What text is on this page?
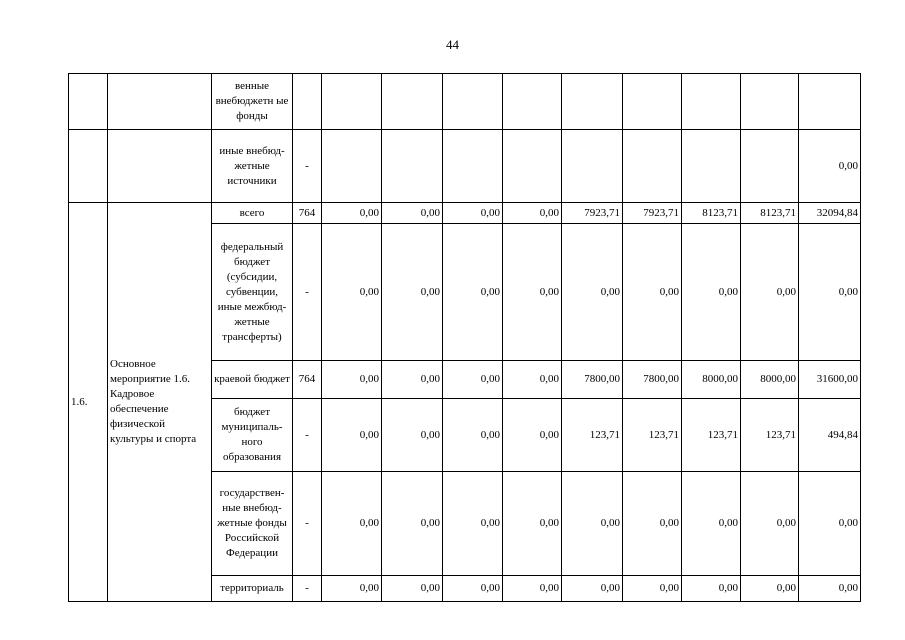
44
		венные внебюджетн ые фонды										
		иные внебюд-жетные источники	-									0,00
1.6.	Основное мероприятие 1.6. Кадровое обеспечение физической культуры и спорта	всего	764	0,00	0,00	0,00	0,00	7923,71	7923,71	8123,71	8123,71	32094,84
		федеральный бюджет (субсидии, субвенции, иные межбюд-жетные трансферты)	-	0,00	0,00	0,00	0,00	0,00	0,00	0,00	0,00	0,00
		краевой бюджет	764	0,00	0,00	0,00	0,00	7800,00	7800,00	8000,00	8000,00	31600,00
		бюджет муниципаль-ного образования	-	0,00	0,00	0,00	0,00	123,71	123,71	123,71	123,71	494,84
		государствен-ные внебюд-жетные фонды Российской Федерации	-	0,00	0,00	0,00	0,00	0,00	0,00	0,00	0,00	0,00
		территориаль	-	0,00	0,00	0,00	0,00	0,00	0,00	0,00	0,00	0,00
